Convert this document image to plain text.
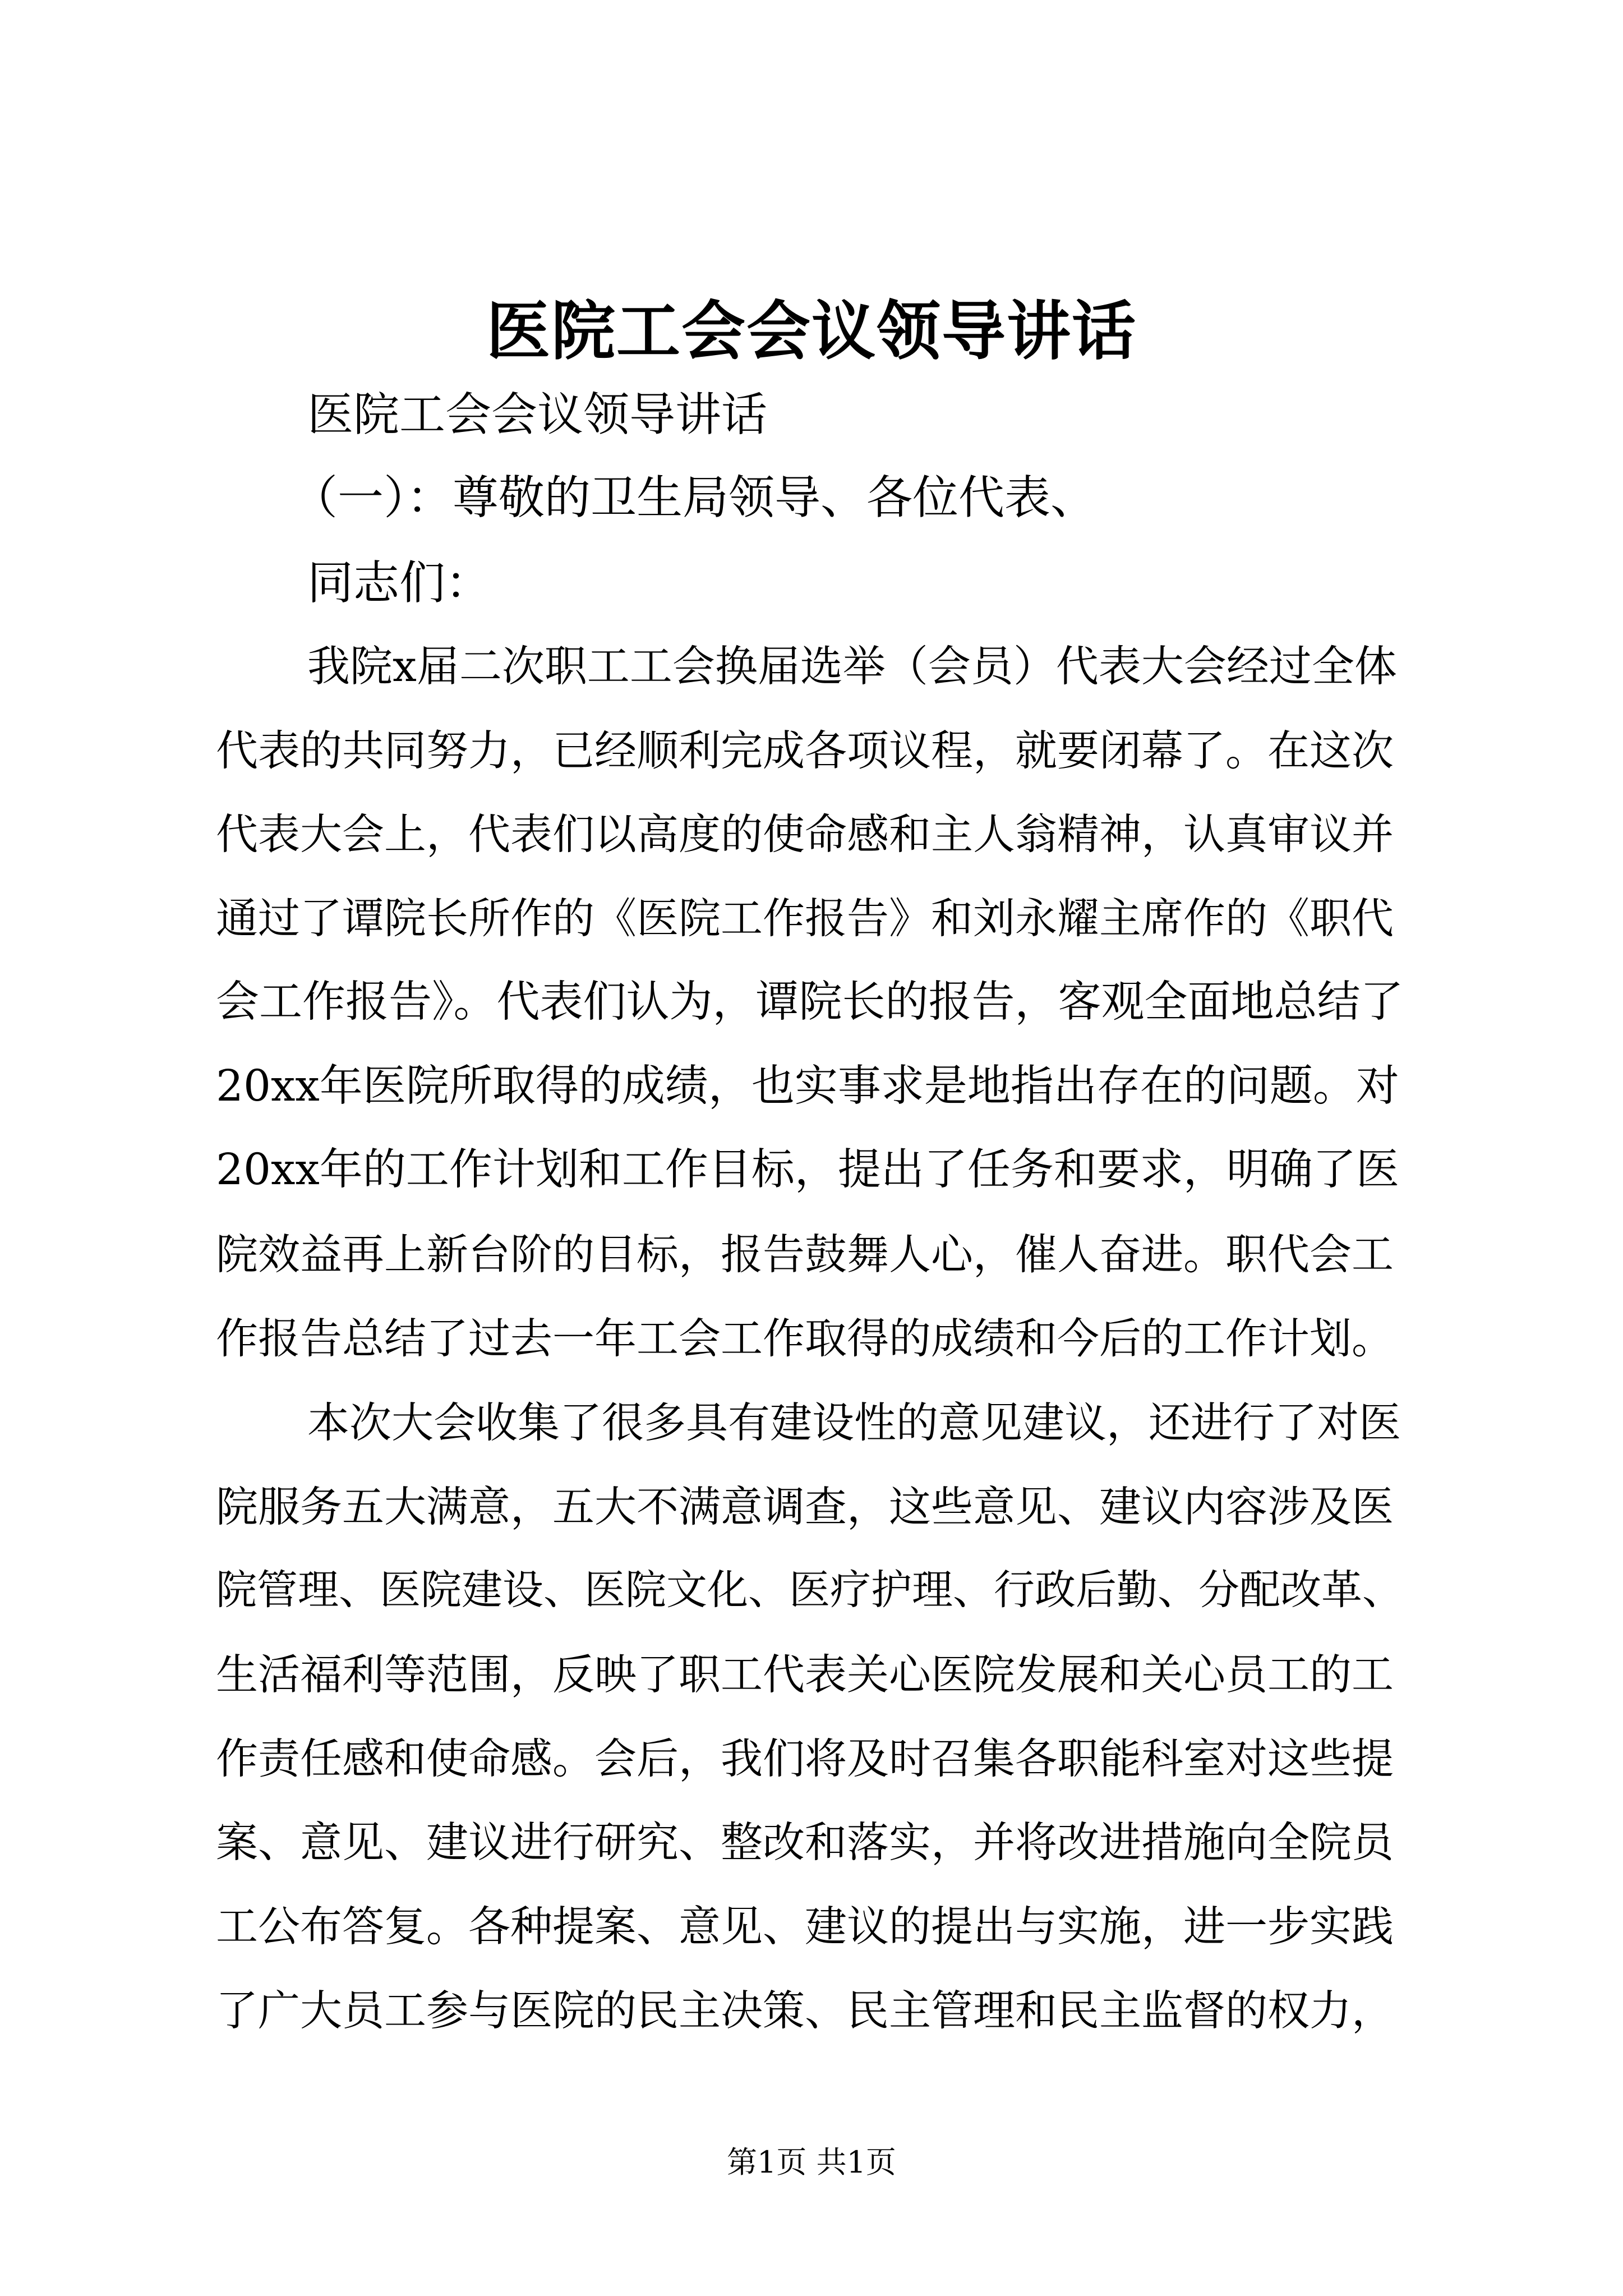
医院工会会议领导讲话
医院工会会议领导讲话
（一）：尊敬的卫生局领导、各位代表、
同志们：
我院x届二次职工工会换届选举（会员）代表大会经过全体
代表的共同努力，已经顺利完成各项议程，就要闭幕了。在这次
代表大会上，代表们以高度的使命感和主人翁精神，认真审议并
通过了谭院长所作的《医院工作报告》和刘永耀主席作的《职代
会工作报告》。代表们认为，谭院长的报告，客观全面地总结了
20xx年医院所取得的成绩，也实事求是地指出存在的问题。对
20xx年的工作计划和工作目标，提出了任务和要求，明确了医
院效益再上新台阶的目标，报告鼓舞人心，催人奋进。职代会工
作报告总结了过去一年工会工作取得的成绩和今后的工作计划。
本次大会收集了很多具有建设性的意见建议，还进行了对医
院服务五大满意，五大不满意调查，这些意见、建议内容涉及医
院管理、医院建设、医院文化、医疗护理、行政后勤、分配改革、
生活福利等范围，反映了职工代表关心医院发展和关心员工的工
作责任感和使命感。会后，我们将及时召集各职能科室对这些提
案、意见、建议进行研究、整改和落实，并将改进措施向全院员
工公布答复。各种提案、意见、建议的提出与实施，进一步实践
了广大员工参与医院的民主决策、民主管理和民主监督的权力，
第1页 共1页
